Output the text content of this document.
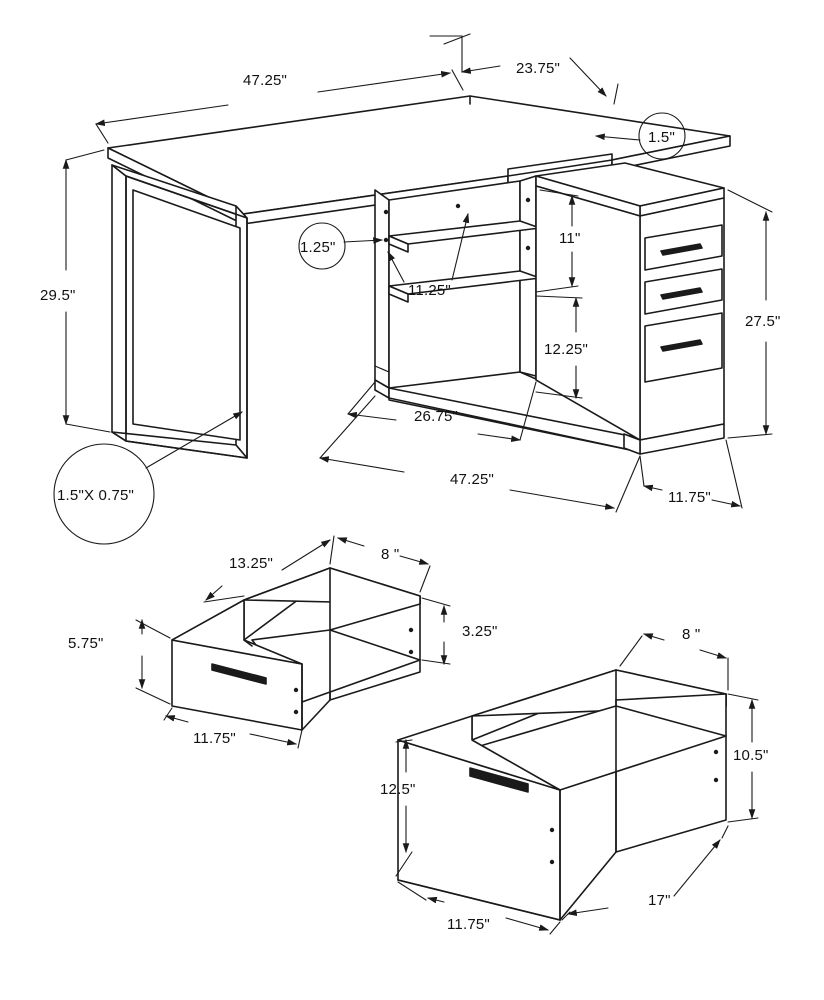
47.25"
23.75"
29.5"
1.5"
1.25"
1.5"X 0.75"
11.25"
11"
12.25"
27.5"
26.75"
47.25"
11.75"
13.25"
8 "
5.75"
3.25"
11.75"
8 "
10.5"
12.5"
11.75"
17"
